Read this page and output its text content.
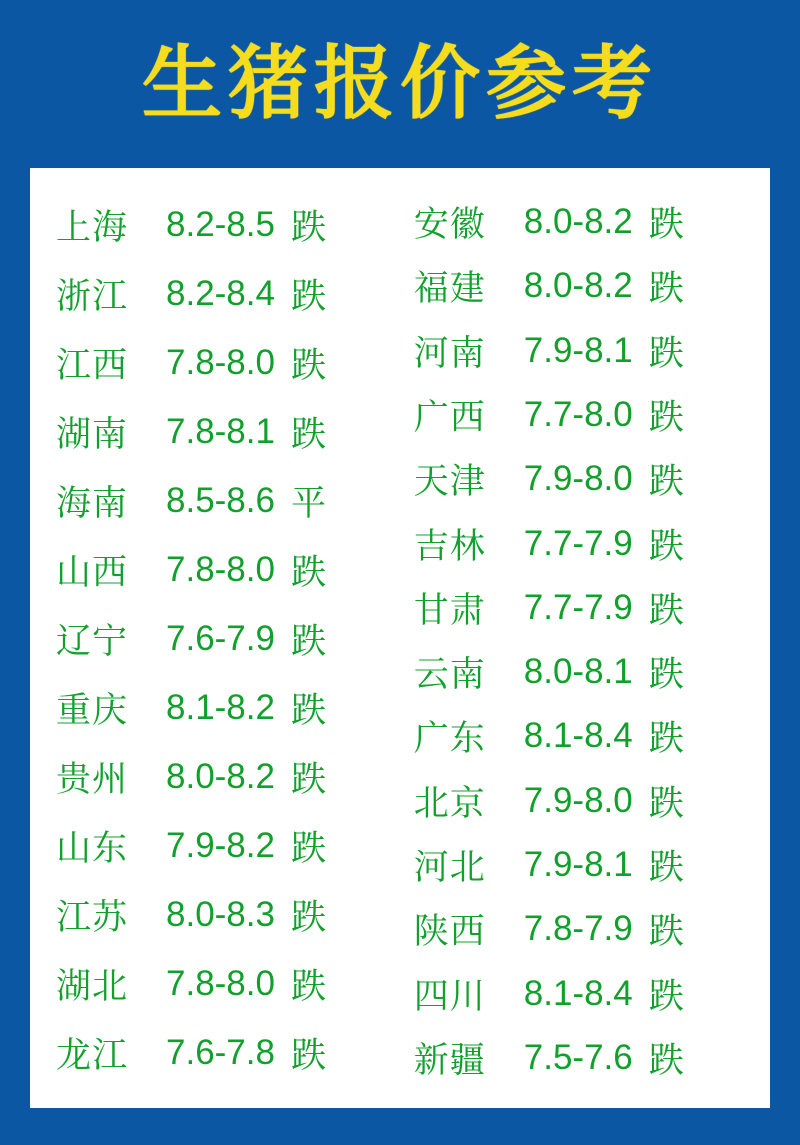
生猪报价参考
上海	8.2-8.5 跌
浙江	8.2-8.4 跌
江西	7.8-8.0 跌
湖南	7.8-8.1 跌
海南	8.5-8.6 平
山西	7.8-8.0 跌
辽宁	7.6-7.9 跌
重庆	8.1-8.2 跌
贵州	8.0-8.2 跌
山东	7.9-8.2 跌
江苏	8.0-8.3 跌
湖北	7.8-8.0 跌
龙江	7.6-7.8 跌
安徽	8.0-8.2 跌
福建	8.0-8.2 跌
河南	7.9-8.1 跌
广西	7.7-8.0 跌
天津	7.9-8.0 跌
吉林	7.7-7.9 跌
甘肃	7.7-7.9 跌
云南	8.0-8.1 跌
广东	8.1-8.4 跌
北京	7.9-8.0 跌
河北	7.9-8.1 跌
陕西	7.8-7.9 跌
四川	8.1-8.4 跌
新疆	7.5-7.6 跌
